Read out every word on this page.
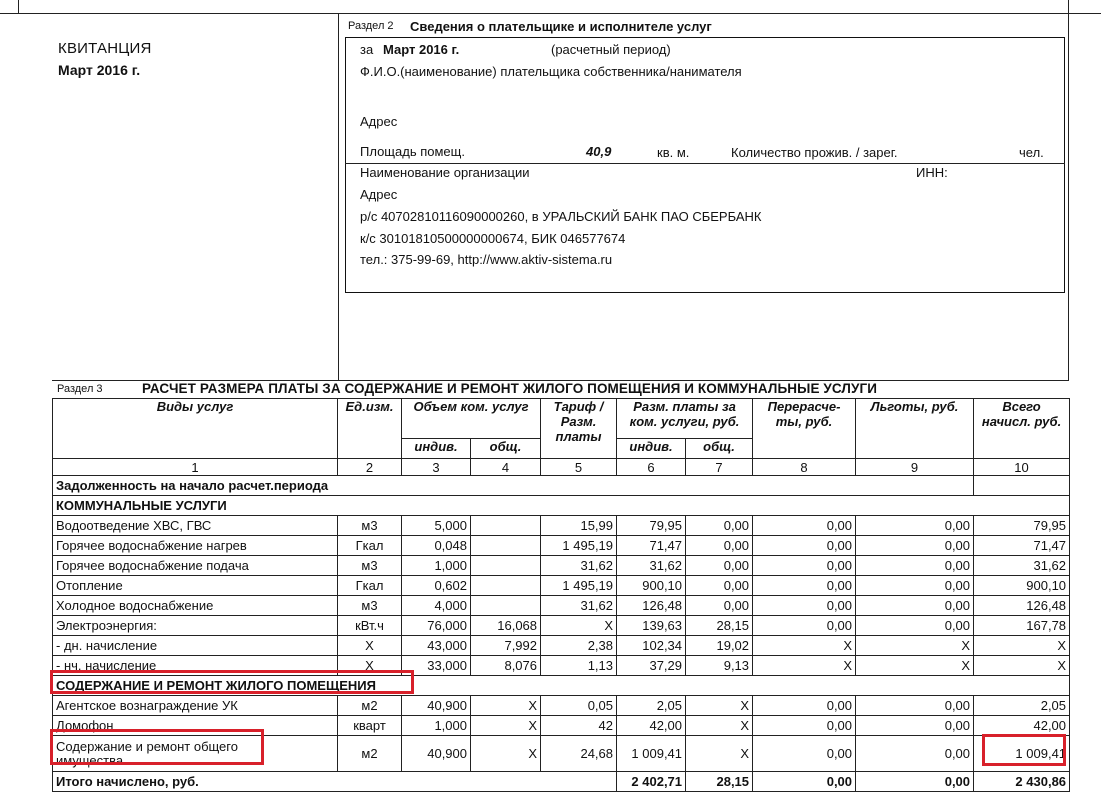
КВИТАНЦИЯ
Март 2016 г.
Раздел 2 Сведения о плательщике и исполнителе услуг
за Март 2016 г.	(расчетный период)
Ф.И.О.(наименование) плательщика собственника/нанимателя
Адрес
Площадь помещ.	40,9	кв. м.	Количество прожив. / зарег.	чел.
Наименование организации	ИНН:
Адрес
р/с 40702810116090000260, в УРАЛЬСКИЙ БАНК ПАО СБЕРБАНК
к/с 30101810500000000674, БИК 046577674
тел.: 375-99-69, http://www.aktiv-sistema.ru
Раздел 3	РАСЧЕТ РАЗМЕРА ПЛАТЫ ЗА СОДЕРЖАНИЕ И РЕМОНТ ЖИЛОГО ПОМЕЩЕНИЯ И КОММУНАЛЬНЫЕ УСЛУГИ
Виды услуг	Ед.изм.	Объем ком. услуг		Тариф / Разм. платы	Разм. платы за ком. услуги, руб.		Перерасче-ты, руб.	Льготы, руб.	Всего начисл. руб.
		индив.	общ.		индив.	общ.			
1	2	3	4	5	6	7	8	9	10
Задолженность на начало расчет.периода									
КОММУНАЛЬНЫЕ УСЛУГИ									
Водоотведение ХВС, ГВС	м3	5,000		15,99	79,95	0,00	0,00	0,00	79,95
Горячее водоснабжение нагрев	Гкал	0,048		1 495,19	71,47	0,00	0,00	0,00	71,47
Горячее водоснабжение подача	м3	1,000		31,62	31,62	0,00	0,00	0,00	31,62
Отопление	Гкал	0,602		1 495,19	900,10	0,00	0,00	0,00	900,10
Холодное водоснабжение	м3	4,000		31,62	126,48	0,00	0,00	0,00	126,48
Электроэнергия:	кВт.ч	76,000	16,068	X	139,63	28,15	0,00	0,00	167,78
- дн. начисление	X	43,000	7,992	2,38	102,34	19,02	X	X	X
- нч. начисление	X	33,000	8,076	1,13	37,29	9,13	X	X	X
СОДЕРЖАНИЕ И РЕМОНТ ЖИЛОГО ПОМЕЩЕНИЯ									
Агентское вознаграждение УК	м2	40,900	X	0,05	2,05	X	0,00	0,00	2,05
Домофон	кварт	1,000	X	42	42,00	X	0,00	0,00	42,00

Содержание и ремонт общего
имущества	м2	40,900	X	24,68	1 009,41	X	0,00	0,00	1 009,41
Итого начислено, руб.					2 402,71	28,15	0,00	0,00	2 430,86
